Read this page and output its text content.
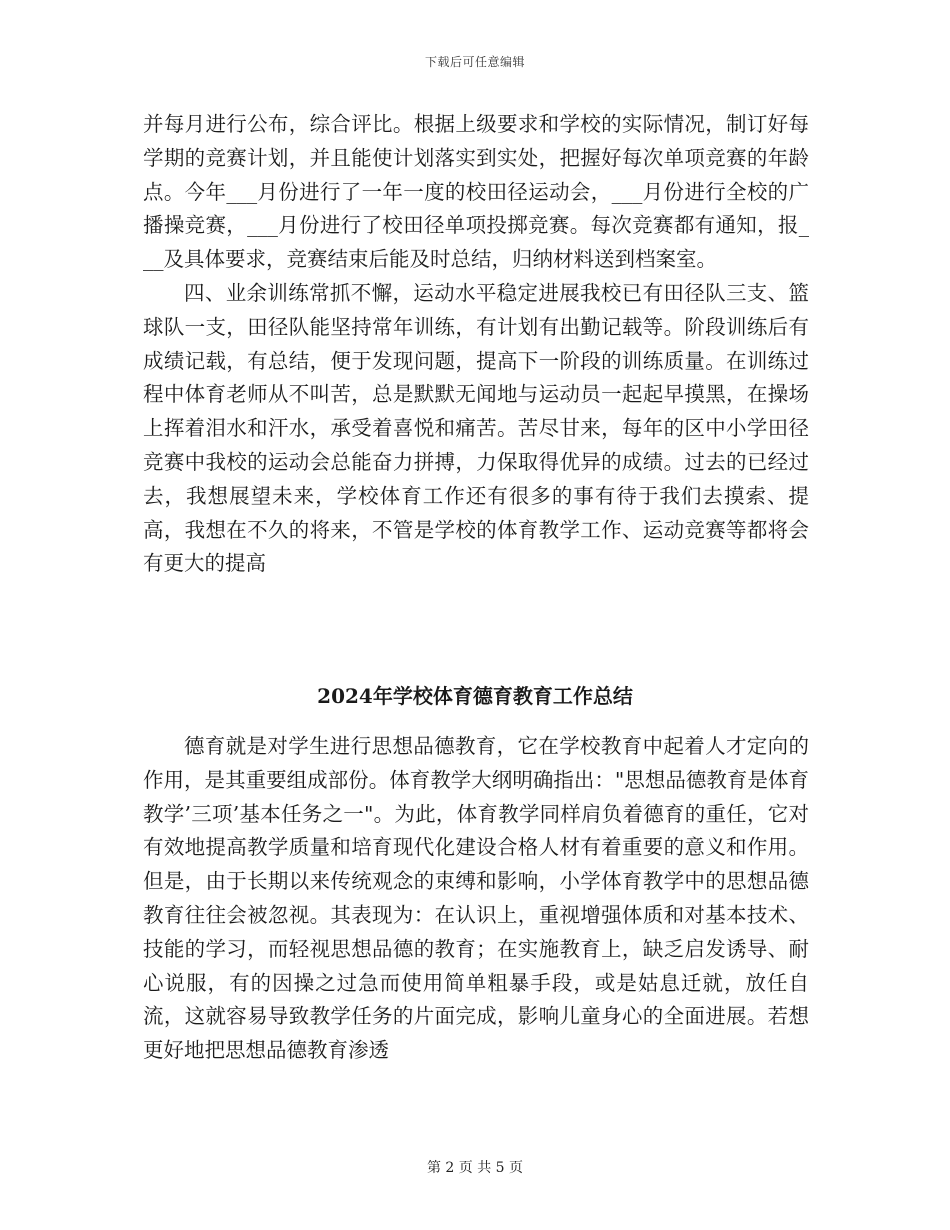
下载后可任意编辑

并每月进行公布，综合评比。根据上级要求和学校的实际情况，制订好每学期的竞赛计划，并且能使计划落实到实处，把握好每次单项竞赛的年龄点。今年___月份进行了一年一度的校田径运动会，___月份进行全校的广播操竞赛，___月份进行了校田径单项投掷竞赛。每次竞赛都有通知，报___及具体要求，竞赛结束后能及时总结，归纳材料送到档案室。

四、业余训练常抓不懈，运动水平稳定进展我校已有田径队三支、篮球队一支，田径队能坚持常年训练，有计划有出勤记载等。阶段训练后有成绩记载，有总结，便于发现问题，提高下一阶段的训练质量。在训练过程中体育老师从不叫苦，总是默默无闻地与运动员一起起早摸黑，在操场上挥着泪水和汗水，承受着喜悦和痛苦。苦尽甘来，每年的区中小学田径竞赛中我校的运动会总能奋力拼搏，力保取得优异的成绩。过去的已经过去，我想展望未来，学校体育工作还有很多的事有待于我们去摸索、提高，我想在不久的将来，不管是学校的体育教学工作、运动竞赛等都将会有更大的提高

2024年学校体育德育教育工作总结

德育就是对学生进行思想品德教育，它在学校教育中起着人才定向的作用，是其重要组成部份。体育教学大纲明确指出："思想品德教育是体育教学’三项’基本任务之一"。为此，体育教学同样肩负着德育的重任，它对有效地提高教学质量和培育现代化建设合格人材有着重要的意义和作用。但是，由于长期以来传统观念的束缚和影响，小学体育教学中的思想品德教育往往会被忽视。其表现为：在认识上，重视增强体质和对基本技术、技能的学习，而轻视思想品德的教育；在实施教育上，缺乏启发诱导、耐心说服，有的因操之过急而使用简单粗暴手段，或是姑息迁就，放任自流，这就容易导致教学任务的片面完成，影响儿童身心的全面进展。若想更好地把思想品德教育渗透

第 2 页 共 5 页
